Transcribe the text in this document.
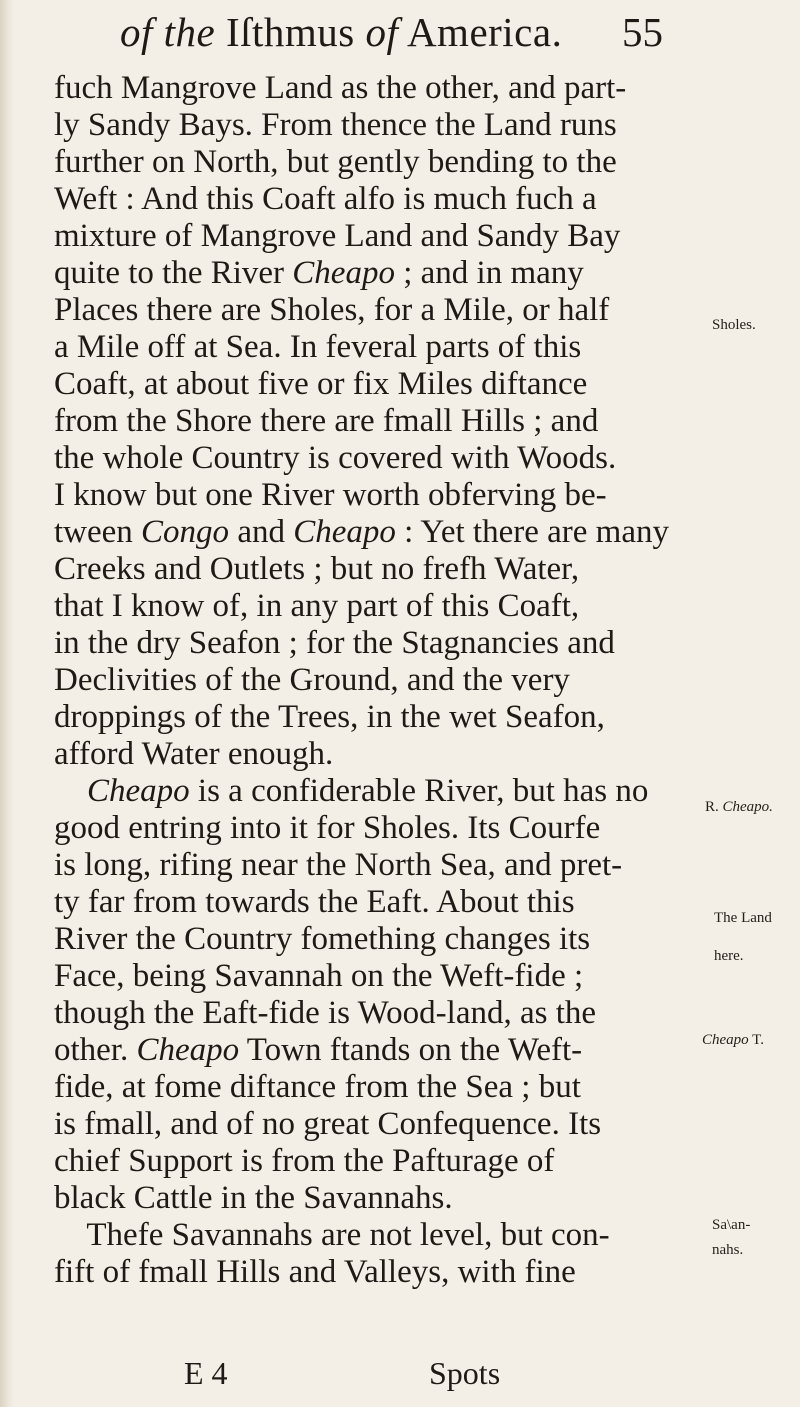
of the Iſthmus of America. 55
fuch Mangrove Land as the other, and part-
ly Sandy Bays. From thence the Land runs
further on North, but gently bending to the
Weft : And this Coaft alfo is much fuch a
mixture of Mangrove Land and Sandy Bay
quite to the River Cheapo ; and in many
Places there are Sholes, for a Mile, or half
a Mile off at Sea. In feveral parts of this
Coaft, at about five or fix Miles diftance
from the Shore there are fmall Hills ; and
the whole Country is covered with Woods.
I know but one River worth obferving be-
tween Congo and Cheapo : Yet there are many
Creeks and Outlets ; but no frefh Water,
that I know of, in any part of this Coaft,
in the dry Seafon ; for the Stagnancies and
Declivities of the Ground, and the very
droppings of the Trees, in the wet Seafon,
afford Water enough.
Cheapo is a confiderable River, but has no
good entring into it for Sholes. Its Courfe
is long, rifing near the North Sea, and pret-
ty far from towards the Eaft. About this
River the Country fomething changes its
Face, being Savannah on the Weft-fide ;
though the Eaft-fide is Wood-land, as the
other. Cheapo Town ftands on the Weft-
fide, at fome diftance from the Sea ; but
is fmall, and of no great Confequence. Its
chief Support is from the Pafturage of
black Cattle in the Savannahs.
Thefe Savannahs are not level, but con-
fift of fmall Hills and Valleys, with fine
Sholes.
R. Cheapo.
The Land
here.
Cheapo T.
Sa\an-
nahs.
E 4	Spots
